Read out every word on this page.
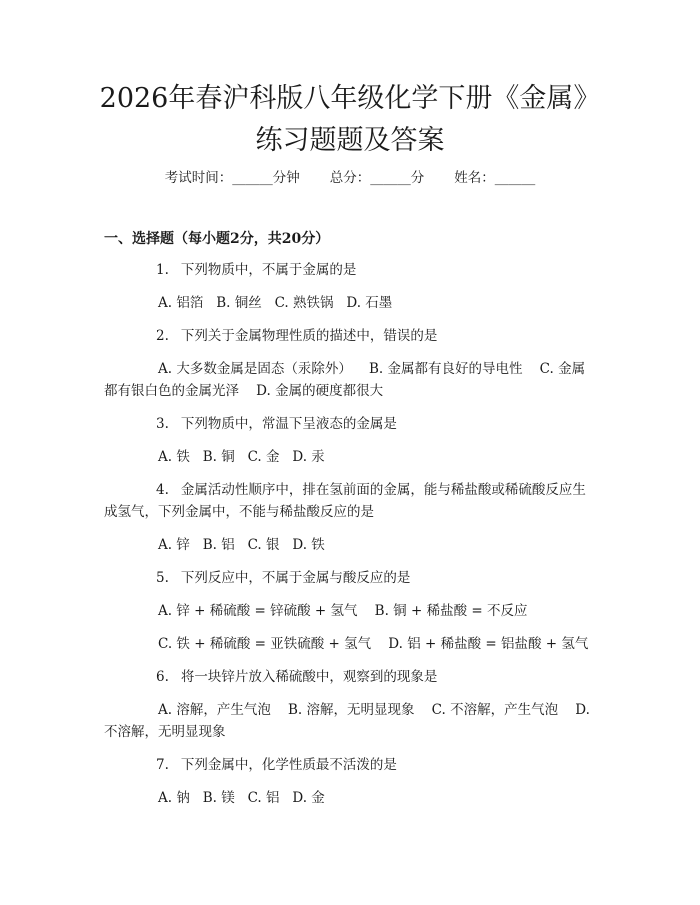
2026年春沪科版八年级化学下册《金属》练习题题及答案
考试时间：______分钟 总分：______分 姓名：______
一、选择题（每小题2分，共20分）

1. 下列物质中，不属于金属的是

A. 铝箔   B. 铜丝   C. 熟铁锅   D. 石墨

2. 下列关于金属物理性质的描述中，错误的是

A. 大多数金属是固态（汞除外）    B. 金属都有良好的导电性    C. 金属都有银白色的金属光泽    D. 金属的硬度都很大

3. 下列物质中，常温下呈液态的金属是

A. 铁   B. 铜   C. 金   D. 汞

4. 金属活动性顺序中，排在氢前面的金属，能与稀盐酸或稀硫酸反应生成氢气，下列金属中，不能与稀盐酸反应的是

A. 锌   B. 铝   C. 银   D. 铁

5. 下列反应中，不属于金属与酸反应的是

A. 锌 + 稀硫酸 = 锌硫酸 + 氢气    B. 铜 + 稀盐酸 = 不反应

C. 铁 + 稀硫酸 = 亚铁硫酸 + 氢气    D. 铝 + 稀盐酸 = 铝盐酸 + 氢气

6. 将一块锌片放入稀硫酸中，观察到的现象是

A. 溶解，产生气泡    B. 溶解，无明显现象    C. 不溶解，产生气泡    D. 不溶解，无明显现象

7. 下列金属中，化学性质最不活泼的是

A. 钠   B. 镁   C. 铝   D. 金
